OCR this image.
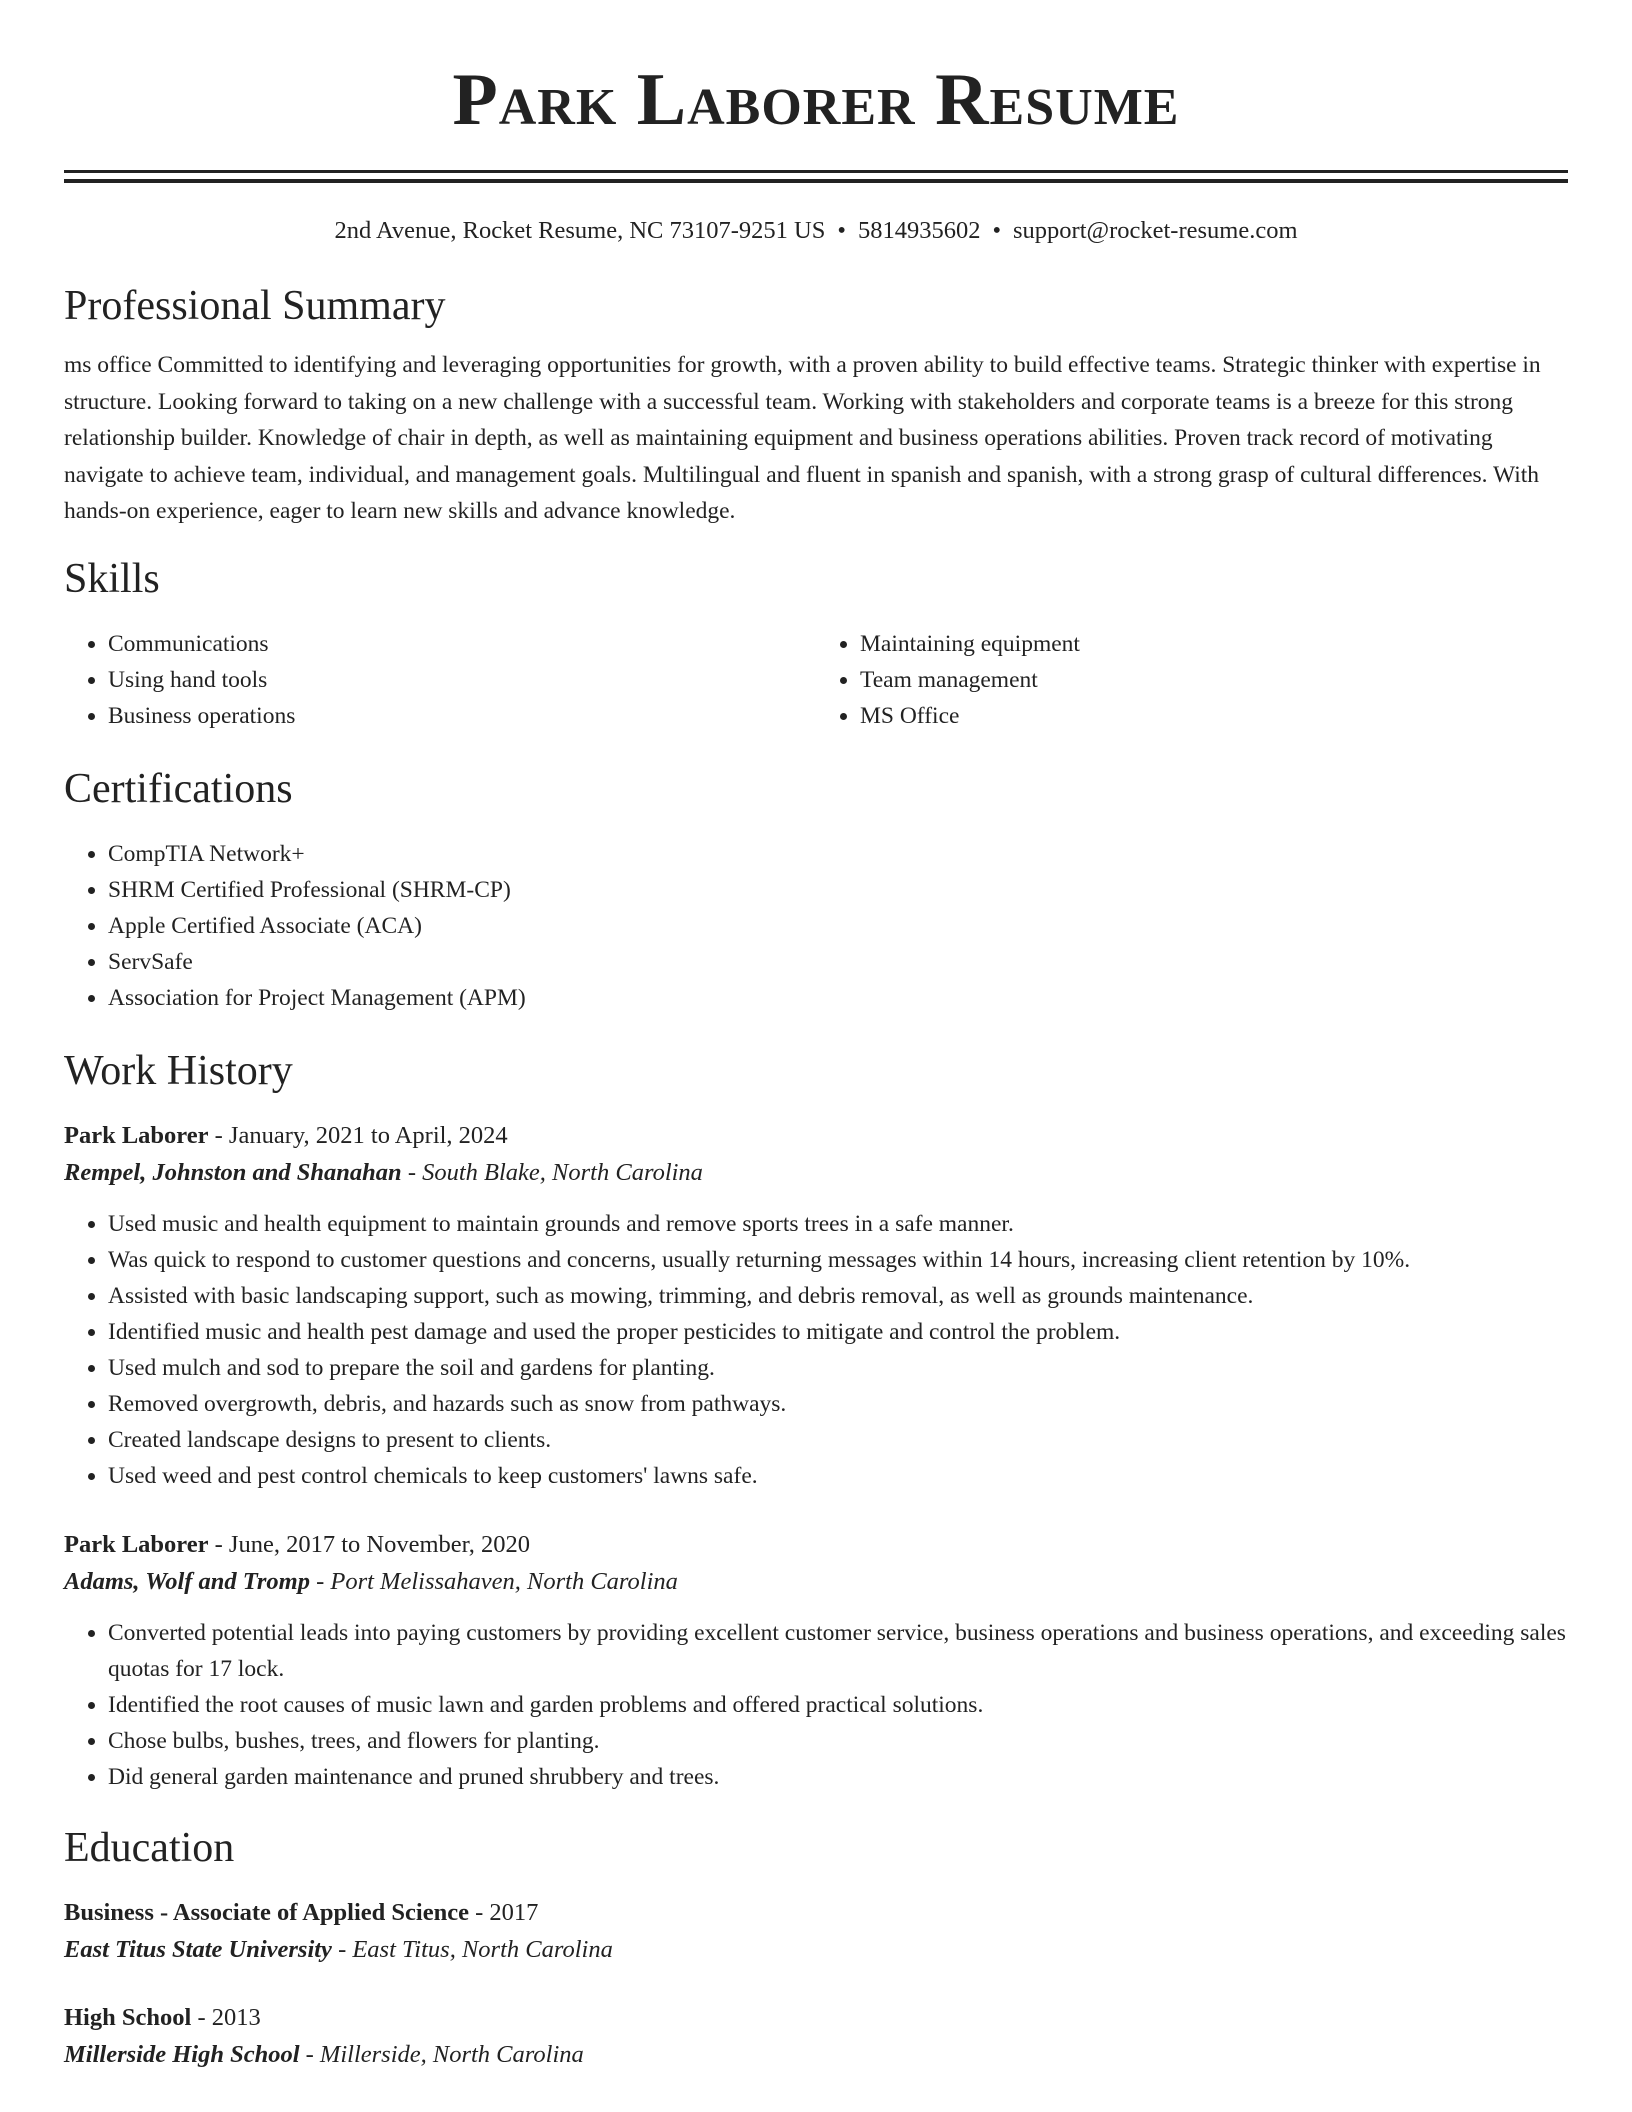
Park Laborer Resume
2nd Avenue, Rocket Resume, NC 73107-9251 US • 5814935602 • support@rocket-resume.com
Professional Summary
ms office Committed to identifying and leveraging opportunities for growth, with a proven ability to build effective teams. Strategic thinker with expertise in structure. Looking forward to taking on a new challenge with a successful team. Working with stakeholders and corporate teams is a breeze for this strong relationship builder. Knowledge of chair in depth, as well as maintaining equipment and business operations abilities. Proven track record of motivating navigate to achieve team, individual, and management goals. Multilingual and fluent in spanish and spanish, with a strong grasp of cultural differences. With hands-on experience, eager to learn new skills and advance knowledge.
Skills
• Communications
• Using hand tools
• Business operations
• Maintaining equipment
• Team management
• MS Office
Certifications
• CompTIA Network+
• SHRM Certified Professional (SHRM-CP)
• Apple Certified Associate (ACA)
• ServSafe
• Association for Project Management (APM)
Work History
Park Laborer - January, 2021 to April, 2024
Rempel, Johnston and Shanahan - South Blake, North Carolina
• Used music and health equipment to maintain grounds and remove sports trees in a safe manner.
• Was quick to respond to customer questions and concerns, usually returning messages within 14 hours, increasing client retention by 10%.
• Assisted with basic landscaping support, such as mowing, trimming, and debris removal, as well as grounds maintenance.
• Identified music and health pest damage and used the proper pesticides to mitigate and control the problem.
• Used mulch and sod to prepare the soil and gardens for planting.
• Removed overgrowth, debris, and hazards such as snow from pathways.
• Created landscape designs to present to clients.
• Used weed and pest control chemicals to keep customers' lawns safe.
Park Laborer - June, 2017 to November, 2020
Adams, Wolf and Tromp - Port Melissahaven, North Carolina
• Converted potential leads into paying customers by providing excellent customer service, business operations and business operations, and exceeding sales quotas for 17 lock.
• Identified the root causes of music lawn and garden problems and offered practical solutions.
• Chose bulbs, bushes, trees, and flowers for planting.
• Did general garden maintenance and pruned shrubbery and trees.
Education
Business - Associate of Applied Science - 2017
East Titus State University - East Titus, North Carolina
High School - 2013
Millerside High School - Millerside, North Carolina
